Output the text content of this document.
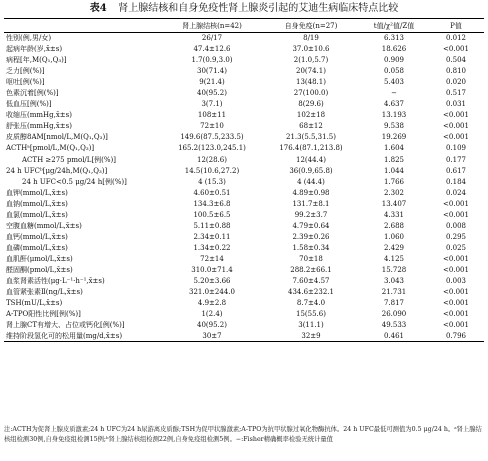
表4 肾上腺结核和自身免疫性肾上腺炎引起的艾迪生病临床特点比较
	肾上腺结核(n=42)	自身免疫(n=27)	t值/χ²值/Z值	P值
性别(例,男/女)	26/17	8/19	6.313	0.012
起病年龄(岁,x̄±s)	47.4±12.6	37.0±10.6	18.626	<0.001
病程[年,M(Q₁,Q₃)]	1.7(0.9,3.0)	2(1.0,5.7)	0.909	0.504
乏力[例(%)]	30(71.4)	20(74.1)	0.058	0.810
呕吐[例(%)]	9(21.4)	13(48.1)	5.403	0.020
色素沉着[例(%)]	40(95.2)	27(100.0)	−	0.517
低血压[例(%)]	3(7.1)	8(29.6)	4.637	0.031
收缩压(mmHg,x̄±s)	108±11	102±18	13.193	<0.001
舒张压(mmHg,x̄±s)	72±10	68±12	9.538	<0.001
皮质醇8AM[nmol/L,M(Q₁,Q₃)]	149.6(87.5,233.5)	21.3(5.5,31.5)	19.269	<0.001
ACTHᵃ[pmol/L,M(Q₁,Q₃)]	165.2(123.0,245.1)	176.4(87.1,213.8)	1.604	0.109
ACTH ≥275 pmol/L[例(%)]	12(28.6)	12(44.4)	1.825	0.177
24 h UFCᵇ[μg/24h,M(Q₁,Q₃)]	14.5(10.6,27.2)	36(0.9,65.8)	1.044	0.617
24 h UFC<0.5 μg/24 h[例(%)]	4 (15.3)	4 (44.4)	1.766	0.184
血钾(mmol/L,x̄±s)	4.60±0.51	4.89±0.98	2.302	0.024
血钠(mmol/L,x̄±s)	134.3±6.8	131.7±8.1	13.407	<0.001
血氯(mmol/L,x̄±s)	100.5±6.5	99.2±3.7	4.331	<0.001
空腹血糖(mmol/L,x̄±s)	5.11±0.88	4.79±0.64	2.688	0.008
血钙(mmol/L,x̄±s)	2.34±0.11	2.39±0.26	1.060	0.295
血磷(mmol/L,x̄±s)	1.34±0.22	1.58±0.34	2.429	0.025
血肌酐(μmol/L,x̄±s)	72±14	70±18	4.125	<0.001
醛固酮(pmol/L,x̄±s)	310.0±71.4	288.2±66.1	15.728	<0.001
血浆肾素活性(μg·L⁻¹·h⁻¹,x̄±s)	5.20±3.66	7.60±4.57	3.043	0.003
血管紧张素Ⅱ(ng/L,x̄±s)	321.0±244.0	434.6±232.1	21.731	<0.001
TSH(mU/L,x̄±s)	4.9±2.8	8.7±4.0	7.817	<0.001
A-TPO阳性比例[例(%)]	1(2.4)	15(55.6)	26.090	<0.001
肾上腺CT有增大、占位或钙化[例(%)]	40(95.2)	3(11.1)	49.533	<0.001
维持阶段氢化可的松用量(mg/d,x̄±s)	30±7	32±9	0.461	0.796
注:ACTH为促肾上腺皮质激素;24 h UFC为24 h尿游离皮质醇;TSH为促甲状腺激素;A-TPO为抗甲状腺过氧化物酶抗体。24 h UFC最低可测值为0.5 μg/24 h。ᵃ肾上腺结核组检测30例,自身免疫组检测15例;ᵇ肾上腺结核组检测22例,自身免疫组检测5例。−:Fisher精确概率检验无统计量值
